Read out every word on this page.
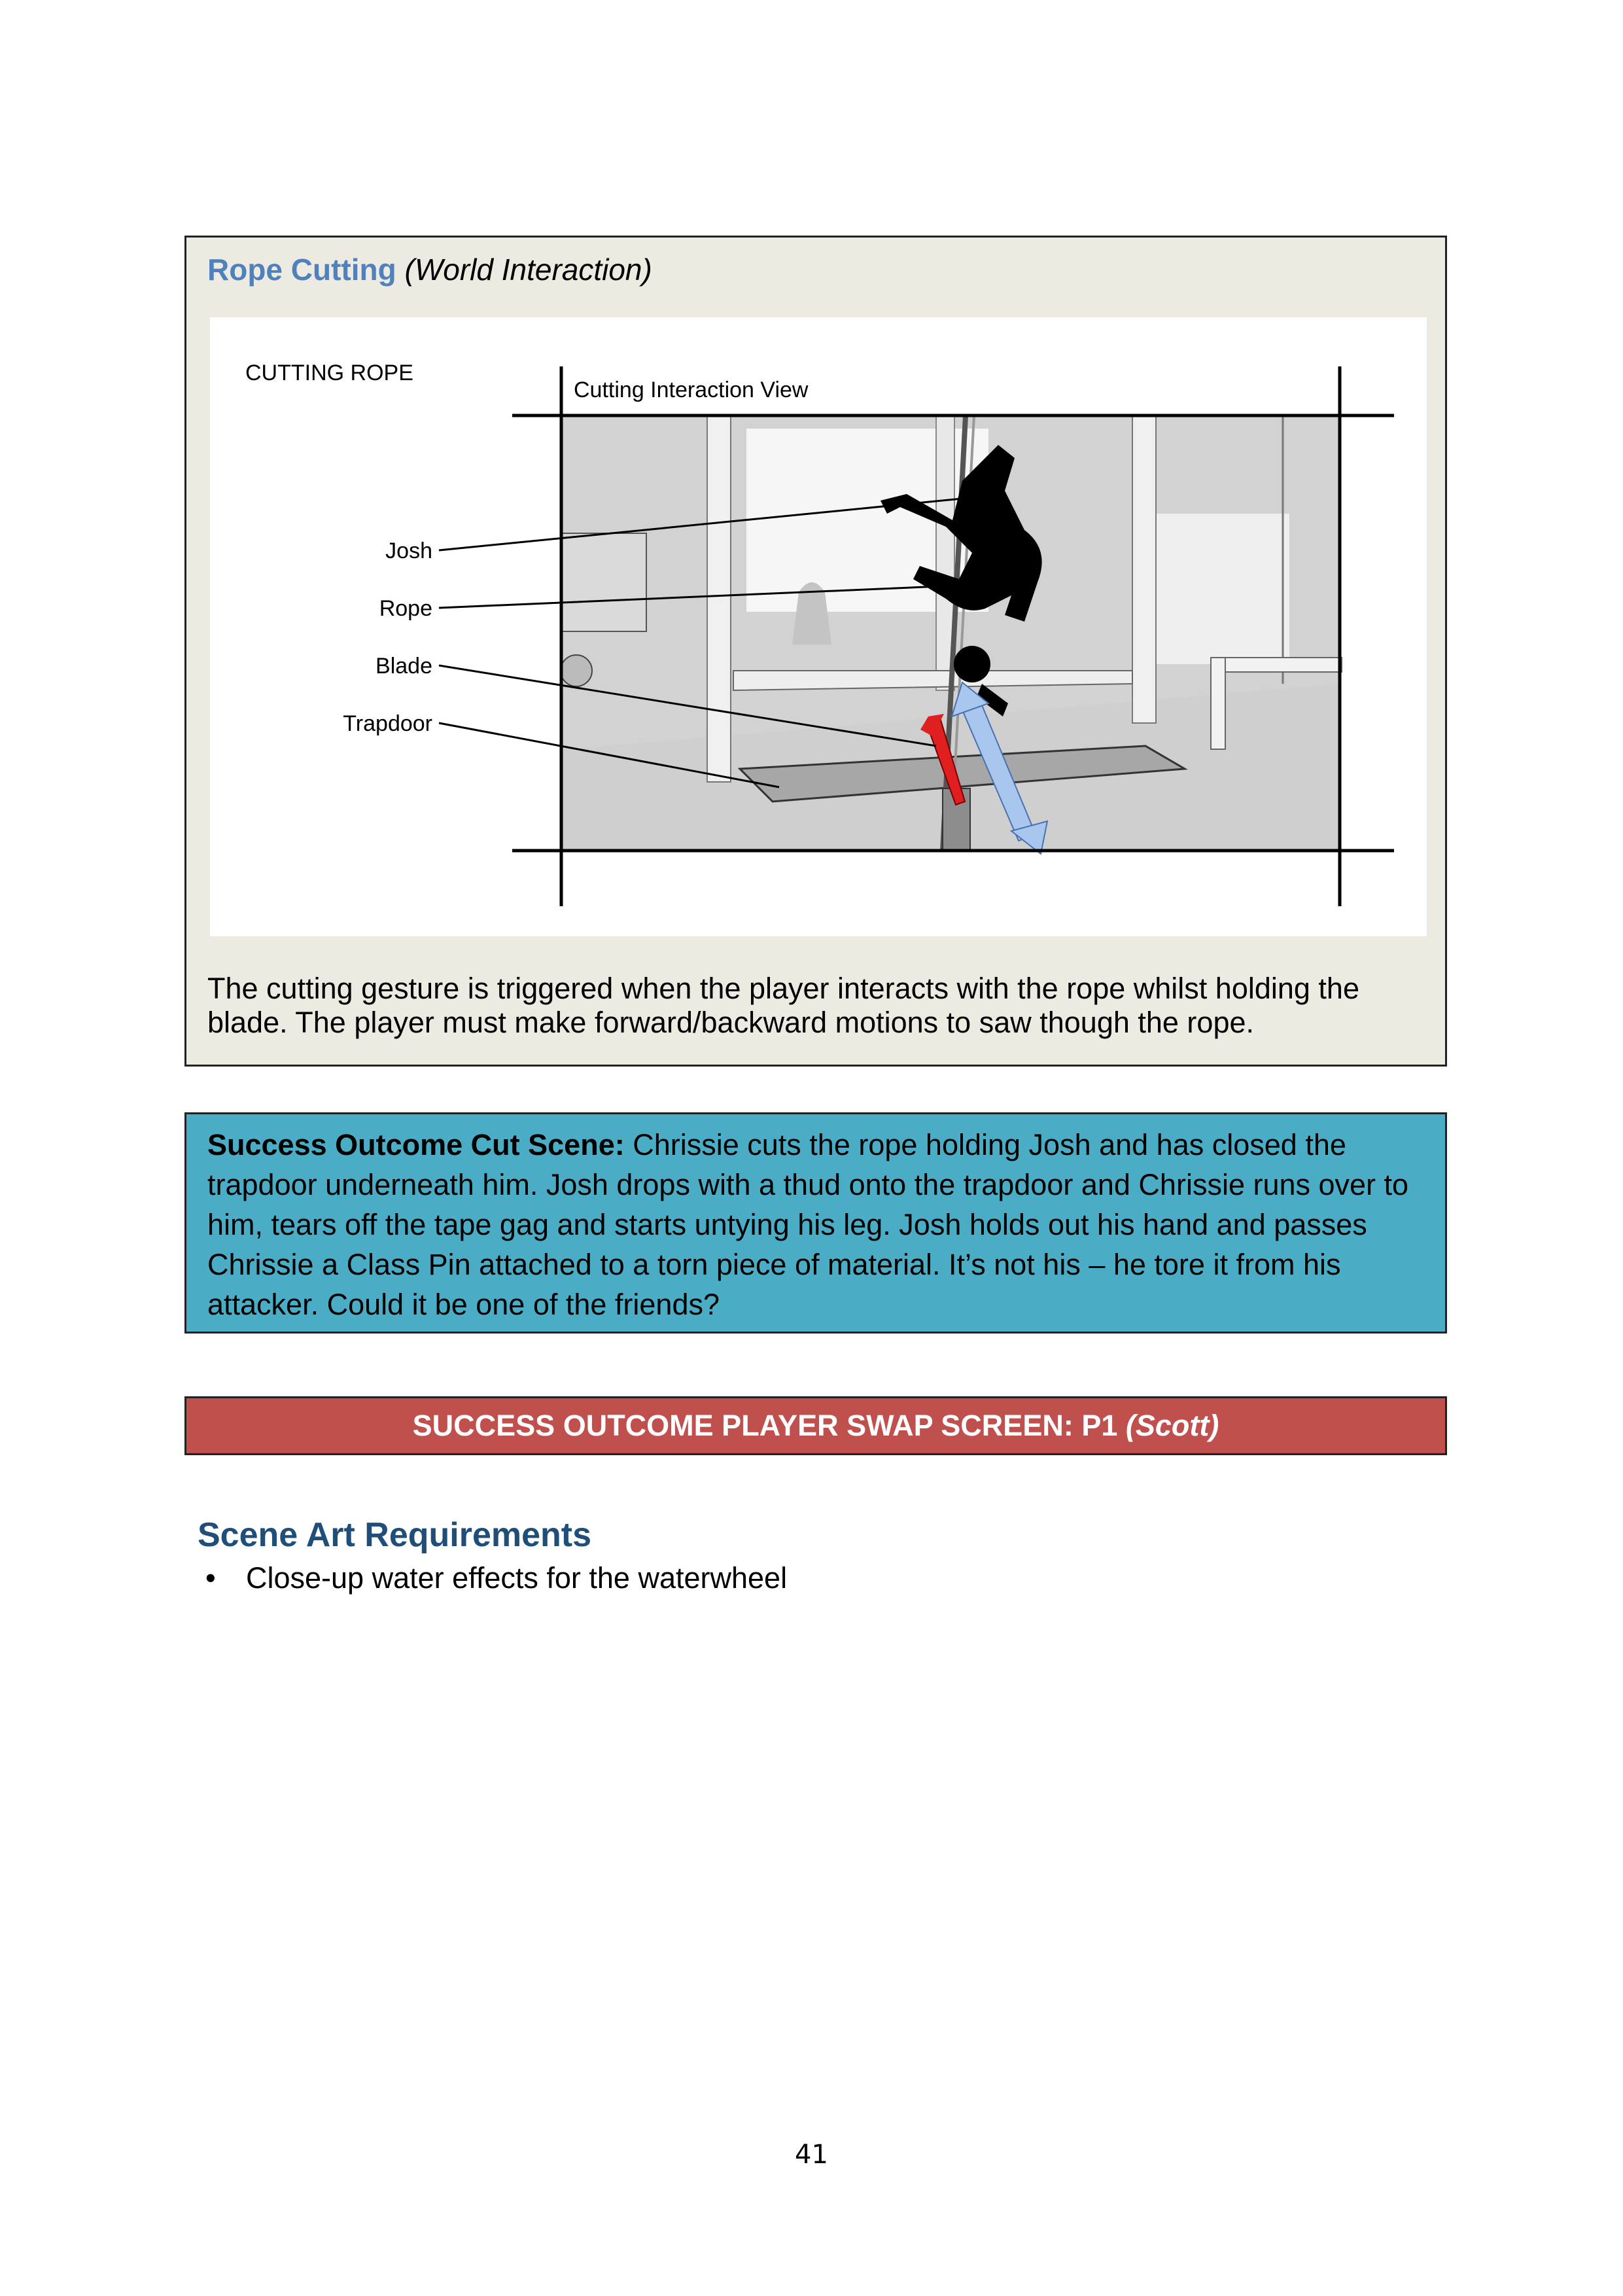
Rope Cutting (World Interaction)
CUTTING ROPE
Cutting Interaction View
Josh
Rope
Blade
Trapdoor
The cutting gesture is triggered when the player interacts with the rope whilst holding the blade. The player must make forward/backward motions to saw though the rope.
Success Outcome Cut Scene: Chrissie cuts the rope holding Josh and has closed the trapdoor underneath him. Josh drops with a thud onto the trapdoor and Chrissie runs over to him, tears off the tape gag and starts untying his leg. Josh holds out his hand and passes Chrissie a Class Pin attached to a torn piece of material. It’s not his – he tore it from his attacker. Could it be one of the friends?
SUCCESS OUTCOME PLAYER SWAP SCREEN: P1 (Scott)
Scene Art Requirements
• Close-up water effects for the waterwheel
41
